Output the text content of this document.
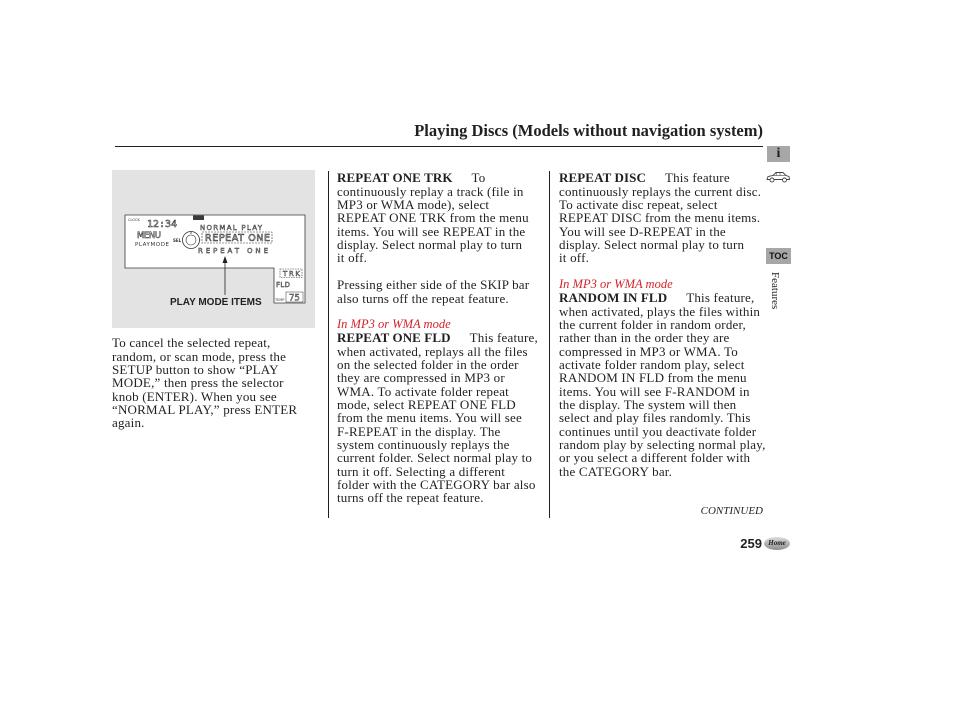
Playing Discs (Models without navigation system)
CLOCK 12:34
MENU
PLAYMODE
SEL
NORMAL PLAY
REPEAT ONE
REPEAT ONE
TRK
FLD
TEMP 75
PLAY MODE ITEMS
To cancel the selected repeat,
random, or scan mode, press the
SETUP button to show “PLAY
MODE,” then press the selector
knob (ENTER). When you see
“NORMAL PLAY,” press ENTER
again.
REPEAT ONE TRK To
continuously replay a track (file in
MP3 or WMA mode), select
REPEAT ONE TRK from the menu
items. You will see REPEAT in the
display. Select normal play to turn
it off.
Pressing either side of the SKIP bar
also turns off the repeat feature.
In MP3 or WMA mode
REPEAT ONE FLD This feature,
when activated, replays all the files
on the selected folder in the order
they are compressed in MP3 or
WMA. To activate folder repeat
mode, select REPEAT ONE FLD
from the menu items. You will see
F-REPEAT in the display. The
system continuously replays the
current folder. Select normal play to
turn it off. Selecting a different
folder with the CATEGORY bar also
turns off the repeat feature.
REPEAT DISC This feature
continuously replays the current disc.
To activate disc repeat, select
REPEAT DISC from the menu items.
You will see D-REPEAT in the
display. Select normal play to turn
it off.
In MP3 or WMA mode
RANDOM IN FLD This feature,
when activated, plays the files within
the current folder in random order,
rather than in the order they are
compressed in MP3 or WMA. To
activate folder random play, select
RANDOM IN FLD from the menu
items. You will see F-RANDOM in
the display. The system will then
select and play files randomly. This
continues until you deactivate folder
random play by selecting normal play,
or you select a different folder with
the CATEGORY bar.
i
TOC
Features
CONTINUED
259 Home
